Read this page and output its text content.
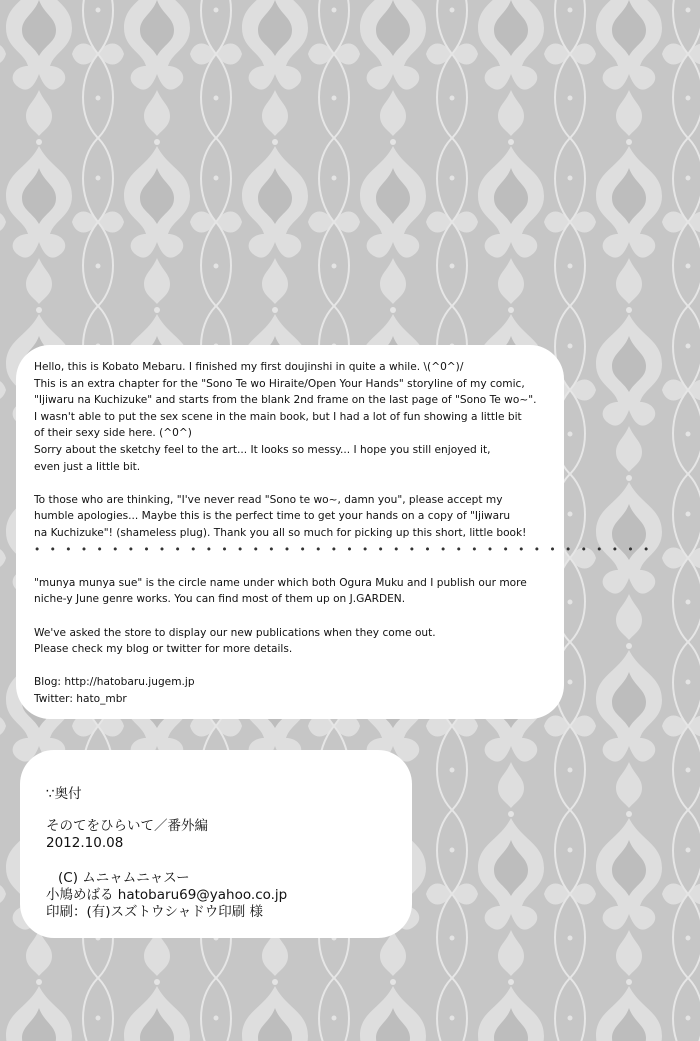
Hello, this is Kobato Mebaru. I finished my first doujinshi in quite a while. \(^0^)/

This is an extra chapter for the "Sono Te wo Hiraite/Open Your Hands" storyline of my comic,

"Ijiwaru na Kuchizuke" and starts from the blank 2nd frame on the last page of "Sono Te wo~".

I wasn't able to put the sex scene in the main book, but I had a lot of fun showing a little bit

of their sexy side here. (^0^)

Sorry about the sketchy feel to the art... It looks so messy... I hope you still enjoyed it,

even just a little bit.

To those who are thinking, "I've never read "Sono te wo~, damn you", please accept my

humble apologies... Maybe this is the perfect time to get your hands on a copy of "Ijiwaru

na Kuchizuke"! (shameless plug). Thank you all so much for picking up this short, little book!

• • • • • • • • • • • • • • • • • • • • • • • • • • • • • • • • • • • • • • • •

"munya munya sue" is the circle name under which both Ogura Muku and I publish our more

niche-y June genre works. You can find most of them up on J.GARDEN.

We've asked the store to display our new publications when they come out.

Please check my blog or twitter for more details.

Blog: http://hatobaru.jugem.jp

Twitter: hato_mbr

∵奥付

そのてをひらいて／番外編

2012.10.08

(C) ムニャムニャスー

小鳩めばる hatobaru69@yahoo.co.jp

印刷：(有)スズトウシャドウ印刷 様
